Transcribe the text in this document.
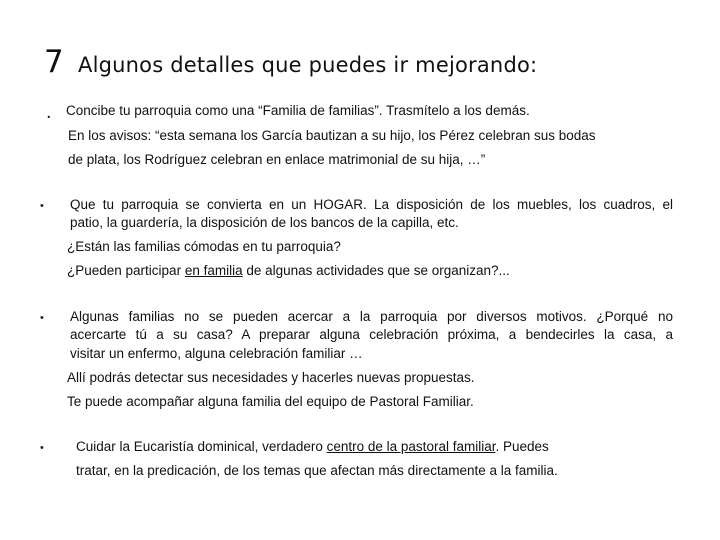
7 Algunos detalles que puedes ir mejorando:
. Concibe tu parroquia como una “Familia de familias”. Trasmítelo a los demás.
En los avisos: “esta semana los García bautizan a su hijo, los Pérez celebran sus bodas
de plata, los Rodríguez celebran en enlace matrimonial de su hija, …”
• Que tu parroquia se convierta en un HOGAR. La disposición de los muebles, los cuadros, el
patio, la guardería, la disposición de los bancos de la capilla, etc.
¿Están las familias cómodas en tu parroquia?
¿Pueden participar en familia de algunas actividades que se organizan?...
• Algunas familias no se pueden acercar a la parroquia por diversos motivos. ¿Porqué no
acercarte tú a su casa? A preparar alguna celebración próxima, a bendecirles la casa, a
visitar un enfermo, alguna celebración familiar …
Allí podrás detectar sus necesidades y hacerles nuevas propuestas.
Te puede acompañar alguna familia del equipo de Pastoral Familiar.
• Cuidar la Eucaristía dominical, verdadero centro de la pastoral familiar. Puedes
tratar, en la predicación, de los temas que afectan más directamente a la familia.
